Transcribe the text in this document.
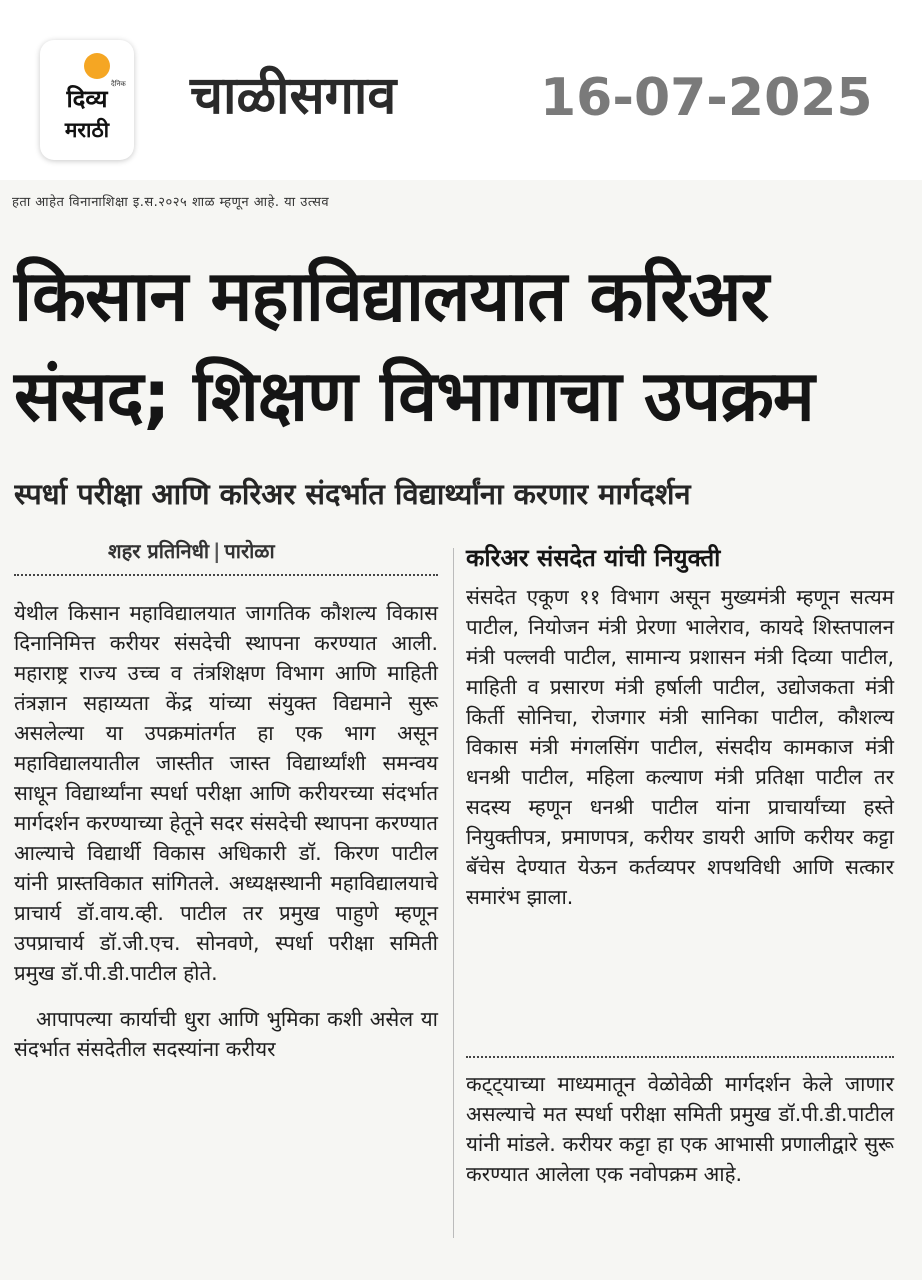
दैनिक
दिव्य
मराठी
चाळीसगाव	16-07-2025
हता आहेत विनानाशिक्षा इ.स.२०२५ शाळ म्हणून आहे. या उत्सव
किसान महाविद्यालयात करिअर
संसद; शिक्षण विभागाचा उपक्रम
स्पर्धा परीक्षा आणि करिअर संदर्भात विद्यार्थ्यांना करणार मार्गदर्शन
शहर प्रतिनिधी | पारोळा

येथील किसान महाविद्यालयात जागतिक कौशल्य विकास दिनानिमित्त करीयर संसदेची स्थापना करण्यात आली. महाराष्ट्र राज्य उच्च व तंत्रशिक्षण विभाग आणि माहिती तंत्रज्ञान सहाय्यता केंद्र यांच्या संयुक्त विद्यमाने सुरू असलेल्या या उपक्रमांतर्गत हा एक भाग असून महाविद्यालयातील जास्तीत जास्त विद्यार्थ्यांशी समन्वय साधून विद्यार्थ्यांना स्पर्धा परीक्षा आणि करीयरच्या संदर्भात मार्गदर्शन करण्याच्या हेतूने सदर संसदेची स्थापना करण्यात आल्याचे विद्यार्थी विकास अधिकारी डॉ. किरण पाटील यांनी प्रास्तविकात सांगितले. अध्यक्षस्थानी महाविद्यालयाचे प्राचार्य डॉ.वाय.व्ही. पाटील तर प्रमुख पाहुणे म्हणून उपप्राचार्य डॉ.जी.एच. सोनवणे, स्पर्धा परीक्षा समिती प्रमुख डॉ.पी.डी.पाटील होते.

आपापल्या कार्याची धुरा आणि भुमिका कशी असेल या संदर्भात संसदेतील सदस्यांना करीयर

करिअर संसदेत यांची नियुक्ती

संसदेत एकूण ११ विभाग असून मुख्यमंत्री म्हणून सत्यम पाटील, नियोजन मंत्री प्रेरणा भालेराव, कायदे शिस्तपालन मंत्री पल्लवी पाटील, सामान्य प्रशासन मंत्री दिव्या पाटील, माहिती व प्रसारण मंत्री हर्षाली पाटील, उद्योजकता मंत्री किर्ती सोनिचा, रोजगार मंत्री सानिका पाटील, कौशल्य विकास मंत्री मंगलसिंग पाटील, संसदीय कामकाज मंत्री धनश्री पाटील, महिला कल्याण मंत्री प्रतिक्षा पाटील तर सदस्य म्हणून धनश्री पाटील यांना प्राचार्यांच्या हस्ते नियुक्तीपत्र, प्रमाणपत्र, करीयर डायरी आणि करीयर कट्टा बॅचेस देण्यात येऊन कर्तव्यपर शपथविधी आणि सत्कार समारंभ झाला.

कट्ट्याच्या माध्यमातून वेळोवेळी मार्गदर्शन केले जाणार असल्याचे मत स्पर्धा परीक्षा समिती प्रमुख डॉ.पी.डी.पाटील यांनी मांडले. करीयर कट्टा हा एक आभासी प्रणालीद्वारे सुरू करण्यात आलेला एक नवोपक्रम आहे.
